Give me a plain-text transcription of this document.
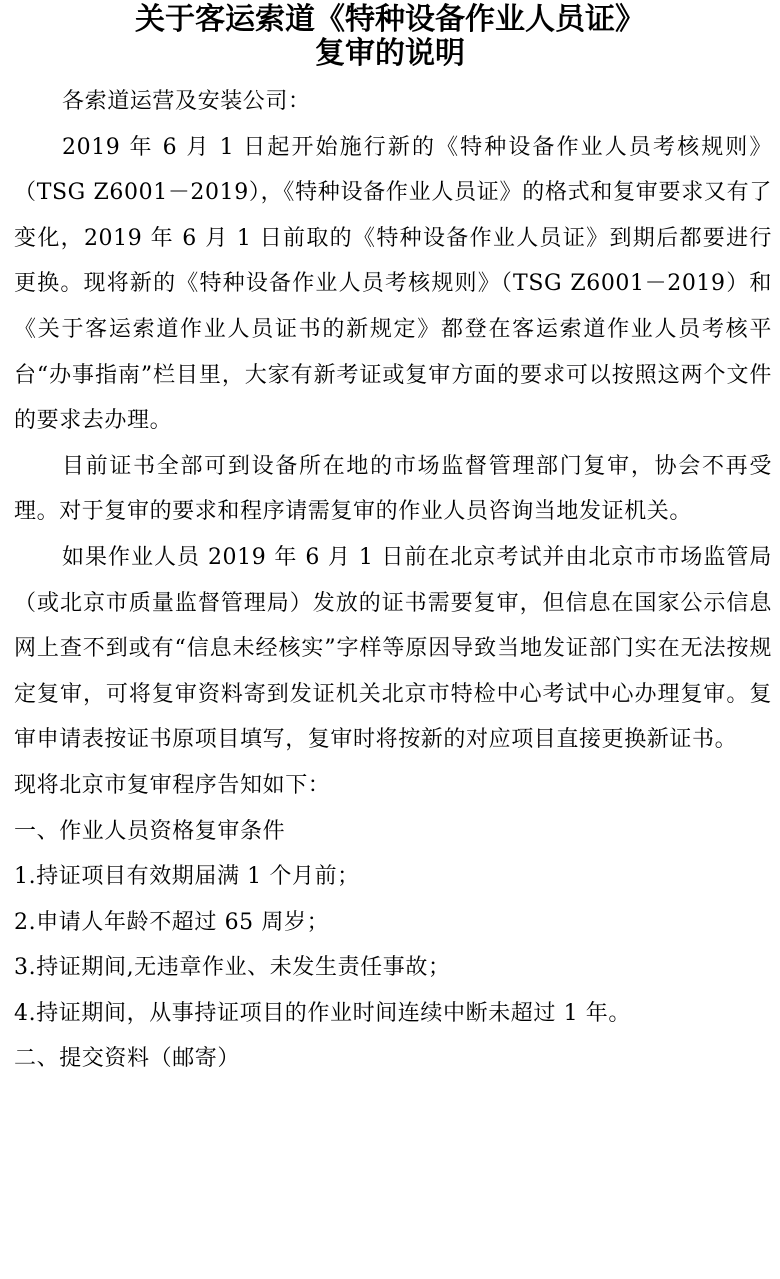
关于客运索道《特种设备作业人员证》
复审的说明

各索道运营及安装公司：

2019 年 6 月 1 日起开始施行新的《特种设备作业人员考核规则》（TSG Z6001－2019），《特种设备作业人员证》的格式和复审要求又有了变化，2019 年 6 月 1 日前取的《特种设备作业人员证》到期后都要进行更换。现将新的《特种设备作业人员考核规则》（TSG Z6001－2019）和《关于客运索道作业人员证书的新规定》都登在客运索道作业人员考核平台“办事指南”栏目里，大家有新考证或复审方面的要求可以按照这两个文件的要求去办理。

目前证书全部可到设备所在地的市场监督管理部门复审，协会不再受理。对于复审的要求和程序请需复审的作业人员咨询当地发证机关。

如果作业人员 2019 年 6 月 1 日前在北京考试并由北京市市场监管局（或北京市质量监督管理局）发放的证书需要复审，但信息在国家公示信息网上查不到或有“信息未经核实”字样等原因导致当地发证部门实在无法按规定复审，可将复审资料寄到发证机关北京市特检中心考试中心办理复审。复审申请表按证书原项目填写，复审时将按新的对应项目直接更换新证书。

现将北京市复审程序告知如下：

一、作业人员资格复审条件

1.持证项目有效期届满 1 个月前；

2.申请人年龄不超过 65 周岁；

3.持证期间,无违章作业、未发生责任事故；

4.持证期间，从事持证项目的作业时间连续中断未超过 1 年。

二、提交资料（邮寄）
